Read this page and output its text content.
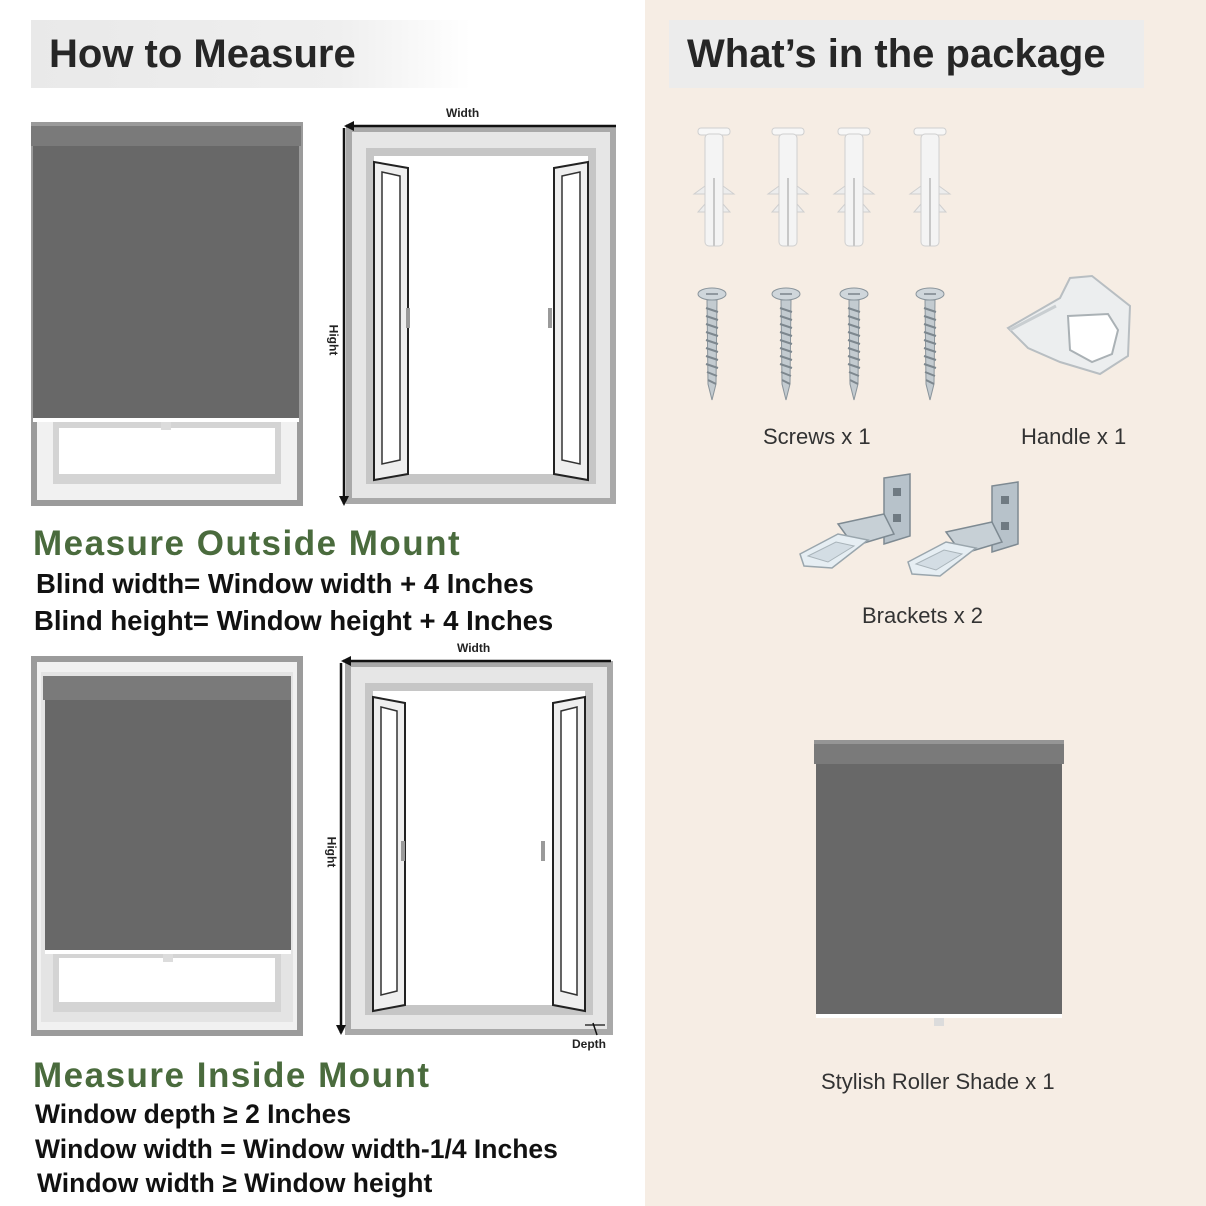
How to Measure	What’s in the package
Width
Hight
Measure Outside Mount
Blind width= Window width + 4 Inches
Blind height= Window height + 4 Inches
Width
Hight
Depth
Measure Inside Mount
Window depth ≥ 2 Inches
Window width = Window width-1/4 Inches
Window width ≥ Window height
Screws x 1	Handle x 1
Brackets x 2
Stylish Roller Shade x 1
